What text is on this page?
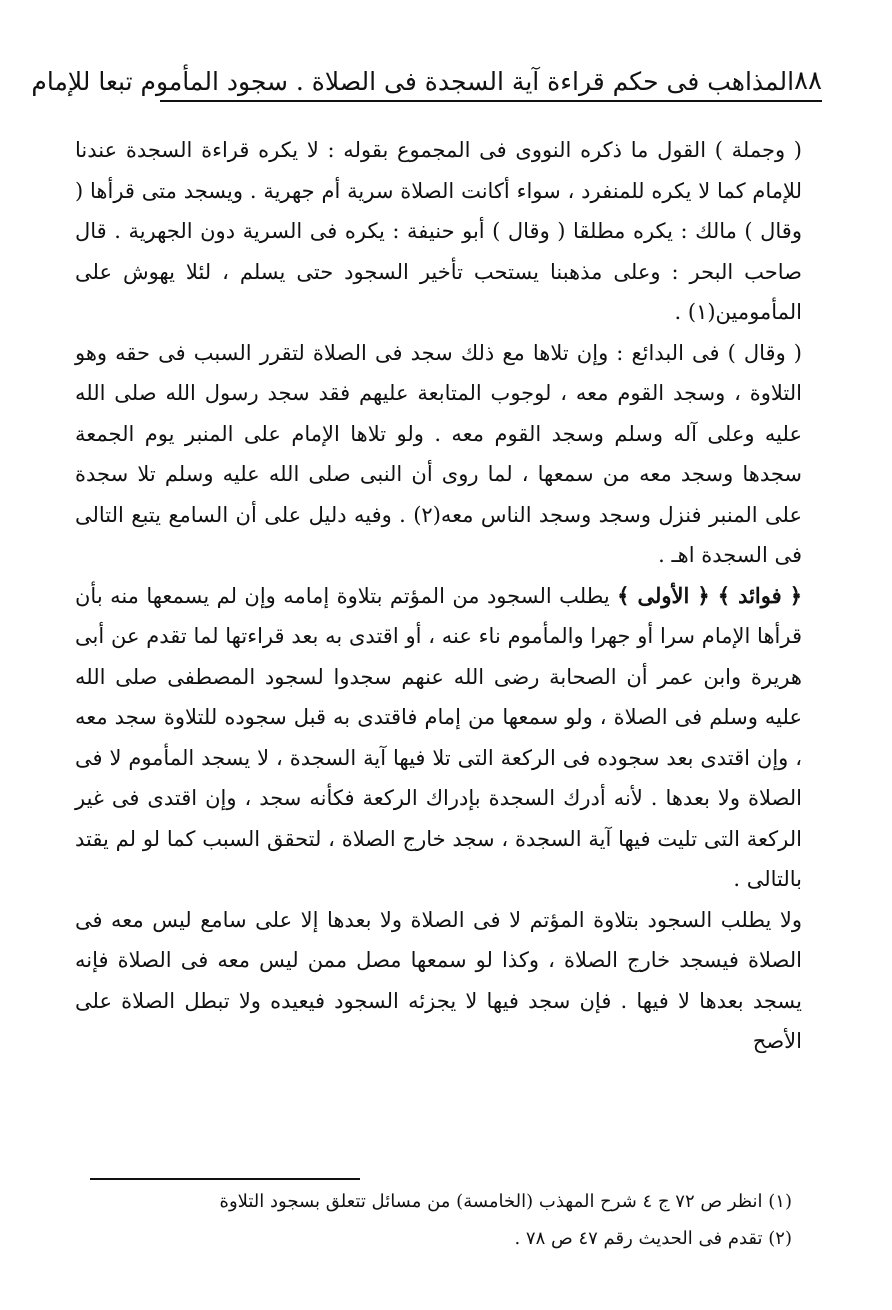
٨٨
المذاهب فى حكم قراءة آية السجدة فى الصلاة . سجود المأموم تبعا للإمام

( وجملة ) القول ما ذكره النووى فى المجموع بقوله : لا يكره قراءة السجدة عندنا للإمام كما لا يكره للمنفرد ، سواء أكانت الصلاة سرية أم جهرية . ويسجد متى قرأها ( وقال ) مالك : يكره مطلقا ( وقال ) أبو حنيفة : يكره فى السرية دون الجهرية . قال صاحب البحر : وعلى مذهبنا يستحب تأخير السجود حتى يسلم ، لئلا يهوش على المأمومين(١) .

( وقال ) فى البدائع : وإن تلاها مع ذلك سجد فى الصلاة لتقرر السبب فى حقه وهو التلاوة ، وسجد القوم معه ، لوجوب المتابعة عليهم فقد سجد رسول الله صلى الله عليه وعلى آله وسلم وسجد القوم معه . ولو تلاها الإمام على المنبر يوم الجمعة سجدها وسجد معه من سمعها ، لما روى أن النبى صلى الله عليه وسلم تلا سجدة على المنبر فنزل وسجد وسجد الناس معه(٢) . وفيه دليل على أن السامع يتبع التالى فى السجدة اهـ .

﴿ فوائد ﴾ ﴿ الأولى ﴾ يطلب السجود من المؤتم بتلاوة إمامه وإن لم يسمعها منه بأن قرأها الإمام سرا أو جهرا والمأموم ناء عنه ، أو اقتدى به بعد قراءتها لما تقدم عن أبى هريرة وابن عمر أن الصحابة رضى الله عنهم سجدوا لسجود المصطفى صلى الله عليه وسلم فى الصلاة ، ولو سمعها من إمام فاقتدى به قبل سجوده للتلاوة سجد معه ، وإن اقتدى بعد سجوده فى الركعة التى تلا فيها آية السجدة ، لا يسجد المأموم لا فى الصلاة ولا بعدها . لأنه أدرك السجدة بإدراك الركعة فكأنه سجد ، وإن اقتدى فى غير الركعة التى تليت فيها آية السجدة ، سجد خارج الصلاة ، لتحقق السبب كما لو لم يقتد بالتالى .

ولا يطلب السجود بتلاوة المؤتم لا فى الصلاة ولا بعدها إلا على سامع ليس معه فى الصلاة فيسجد خارج الصلاة ، وكذا لو سمعها مصل ممن ليس معه فى الصلاة فإنه يسجد بعدها لا فيها . فإن سجد فيها لا يجزئه السجود فيعيده ولا تبطل الصلاة على الأصح

(١) انظر ص ٧٢ ج ٤ شرح المهذب (الخامسة) من مسائل تتعلق بسجود التلاوة

(٢) تقدم فى الحديث رقم ٤٧ ص ٧٨ .
